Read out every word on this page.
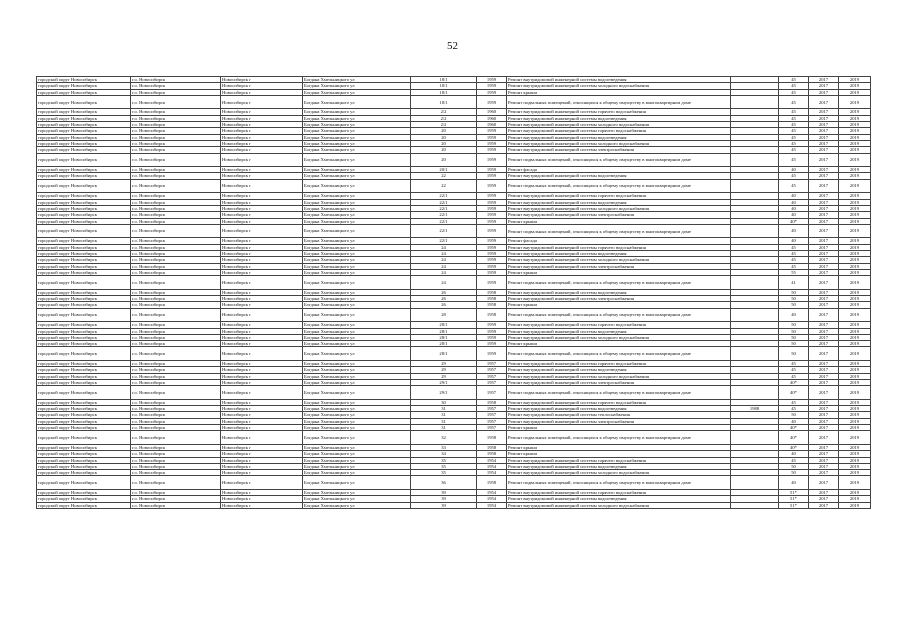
52
городской округ Новосибирск	г.о. Новосибирск	Новосибирск г	Богдана Хмельницкого ул	18/1	1959	Ремонт внутридомовой инженерной системы водоотведения		45	2017	2019
городской округ Новосибирск	г.о. Новосибирск	Новосибирск г	Богдана Хмельницкого ул	18/1	1959	Ремонт внутридомовой инженерной системы холодного водоснабжения		45	2017	2019
городской округ Новосибирск	г.о. Новосибирск	Новосибирск г	Богдана Хмельницкого ул	18/1	1959	Ремонт крыши		45	2017	2019
городской округ Новосибирск	г.о. Новосибирск	Новосибирск г	Богдана Хмельницкого ул	18/1	1959	Ремонт подвальных помещений, относящихся к общему имуществу в многоквартирном доме		45	2017	2019
городской округ Новосибирск	г.о. Новосибирск	Новосибирск г	Богдана Хмельницкого ул	2/2	1960	Ремонт внутридомовой инженерной системы горячего водоснабжения		45	2017	2019
городской округ Новосибирск	г.о. Новосибирск	Новосибирск г	Богдана Хмельницкого ул	2/2	1960	Ремонт внутридомовой инженерной системы водоотведения		45	2017	2019
городской округ Новосибирск	г.о. Новосибирск	Новосибирск г	Богдана Хмельницкого ул	2/2	1960	Ремонт внутридомовой инженерной системы холодного водоснабжения		45	2017	2019
городской округ Новосибирск	г.о. Новосибирск	Новосибирск г	Богдана Хмельницкого ул	20	1959	Ремонт внутридомовой инженерной системы горячего водоснабжения		45	2017	2019
городской округ Новосибирск	г.о. Новосибирск	Новосибирск г	Богдана Хмельницкого ул	20	1959	Ремонт внутридомовой инженерной системы водоотведения		45	2017	2019
городской округ Новосибирск	г.о. Новосибирск	Новосибирск г	Богдана Хмельницкого ул	20	1959	Ремонт внутридомовой инженерной системы холодного водоснабжения		45	2017	2019
городской округ Новосибирск	г.о. Новосибирск	Новосибирск г	Богдана Хмельницкого ул	20	1959	Ремонт внутридомовой инженерной системы электроснабжения		45	2017	2019
городской округ Новосибирск	г.о. Новосибирск	Новосибирск г	Богдана Хмельницкого ул	20	1959	Ремонт подвальных помещений, относящихся к общему имуществу в многоквартирном доме		45	2017	2019
городской округ Новосибирск	г.о. Новосибирск	Новосибирск г	Богдана Хмельницкого ул	20/1	1959	Ремонт фасада		40	2017	2019
городской округ Новосибирск	г.о. Новосибирск	Новосибирск г	Богдана Хмельницкого ул	22	1959	Ремонт внутридомовой инженерной системы водоотведения		45	2017	2019
городской округ Новосибирск	г.о. Новосибирск	Новосибирск г	Богдана Хмельницкого ул	22	1959	Ремонт подвальных помещений, относящихся к общему имуществу в многоквартирном доме		45	2017	2019
городской округ Новосибирск	г.о. Новосибирск	Новосибирск г	Богдана Хмельницкого ул	22/1	1959	Ремонт внутридомовой инженерной системы горячего водоснабжения		40	2017	2019
городской округ Новосибирск	г.о. Новосибирск	Новосибирск г	Богдана Хмельницкого ул	22/1	1959	Ремонт внутридомовой инженерной системы водоотведения		40	2017	2019
городской округ Новосибирск	г.о. Новосибирск	Новосибирск г	Богдана Хмельницкого ул	22/1	1959	Ремонт внутридомовой инженерной системы холодного водоснабжения		40	2017	2019
городской округ Новосибирск	г.о. Новосибирск	Новосибирск г	Богдана Хмельницкого ул	22/1	1959	Ремонт внутридомовой инженерной системы электроснабжения		40	2017	2019
городской округ Новосибирск	г.о. Новосибирск	Новосибирск г	Богдана Хмельницкого ул	22/1	1959	Ремонт крыши		40*	2017	2019
городской округ Новосибирск	г.о. Новосибирск	Новосибирск г	Богдана Хмельницкого ул	22/1	1959	Ремонт подвальных помещений, относящихся к общему имуществу в многоквартирном доме		40	2017	2019
городской округ Новосибирск	г.о. Новосибирск	Новосибирск г	Богдана Хмельницкого ул	22/1	1959	Ремонт фасада		40	2017	2019
городской округ Новосибирск	г.о. Новосибирск	Новосибирск г	Богдана Хмельницкого ул	24	1959	Ремонт внутридомовой инженерной системы горячего водоснабжения		45	2017	2019
городской округ Новосибирск	г.о. Новосибирск	Новосибирск г	Богдана Хмельницкого ул	24	1959	Ремонт внутридомовой инженерной системы водоотведения		45	2017	2019
городской округ Новосибирск	г.о. Новосибирск	Новосибирск г	Богдана Хмельницкого ул	24	1959	Ремонт внутридомовой инженерной системы холодного водоснабжения		45	2017	2019
городской округ Новосибирск	г.о. Новосибирск	Новосибирск г	Богдана Хмельницкого ул	24	1959	Ремонт внутридомовой инженерной системы электроснабжения		45	2017	2019
городской округ Новосибирск	г.о. Новосибирск	Новосибирск г	Богдана Хмельницкого ул	24	1959	Ремонт крыши		55	2017	2019
городской округ Новосибирск	г.о. Новосибирск	Новосибирск г	Богдана Хмельницкого ул	24	1959	Ремонт подвальных помещений, относящихся к общему имуществу в многоквартирном доме		41	2017	2019
городской округ Новосибирск	г.о. Новосибирск	Новосибирск г	Богдана Хмельницкого ул	26	1958	Ремонт внутридомовой инженерной системы водоотведения		50	2017	2019
городской округ Новосибирск	г.о. Новосибирск	Новосибирск г	Богдана Хмельницкого ул	26	1958	Ремонт внутридомовой инженерной системы электроснабжения		50	2017	2019
городской округ Новосибирск	г.о. Новосибирск	Новосибирск г	Богдана Хмельницкого ул	26	1958	Ремонт крыши		50	2017	2019
городской округ Новосибирск	г.о. Новосибирск	Новосибирск г	Богдана Хмельницкого ул	28	1958	Ремонт подвальных помещений, относящихся к общему имуществу в многоквартирном доме		40	2017	2019
городской округ Новосибирск	г.о. Новосибирск	Новосибирск г	Богдана Хмельницкого ул	28/1	1959	Ремонт внутридомовой инженерной системы горячего водоснабжения		50	2017	2019
городской округ Новосибирск	г.о. Новосибирск	Новосибирск г	Богдана Хмельницкого ул	28/1	1959	Ремонт внутридомовой инженерной системы водоотведения		50	2017	2019
городской округ Новосибирск	г.о. Новосибирск	Новосибирск г	Богдана Хмельницкого ул	28/1	1959	Ремонт внутридомовой инженерной системы холодного водоснабжения		50	2017	2019
городской округ Новосибирск	г.о. Новосибирск	Новосибирск г	Богдана Хмельницкого ул	28/1	1959	Ремонт крыши		50	2017	2019
городской округ Новосибирск	г.о. Новосибирск	Новосибирск г	Богдана Хмельницкого ул	28/1	1959	Ремонт подвальных помещений, относящихся к общему имуществу в многоквартирном доме		50	2017	2019
городской округ Новосибирск	г.о. Новосибирск	Новосибирск г	Богдана Хмельницкого ул	29	1957	Ремонт внутридомовой инженерной системы горячего водоснабжения		45	2017	2019
городской округ Новосибирск	г.о. Новосибирск	Новосибирск г	Богдана Хмельницкого ул	29	1957	Ремонт внутридомовой инженерной системы водоотведения		45	2017	2019
городской округ Новосибирск	г.о. Новосибирск	Новосибирск г	Богдана Хмельницкого ул	29	1957	Ремонт внутридомовой инженерной системы холодного водоснабжения		45	2017	2019
городской округ Новосибирск	г.о. Новосибирск	Новосибирск г	Богдана Хмельницкого ул	29/1	1957	Ремонт внутридомовой инженерной системы электроснабжения		40*	2017	2019
городской округ Новосибирск	г.о. Новосибирск	Новосибирск г	Богдана Хмельницкого ул	29/1	1957	Ремонт подвальных помещений, относящихся к общему имуществу в многоквартирном доме		40*	2017	2019
городской округ Новосибирск	г.о. Новосибирск	Новосибирск г	Богдана Хмельницкого ул	30	1958	Ремонт внутридомовой инженерной системы горячего водоснабжения		45	2017	2019
городской округ Новосибирск	г.о. Новосибирск	Новосибирск г	Богдана Хмельницкого ул	31	1957	Ремонт внутридомовой инженерной системы водоотведения	1988	45	2017	2019
городской округ Новосибирск	г.о. Новосибирск	Новосибирск г	Богдана Хмельницкого ул	31	1957	Ремонт внутридомовой инженерной системы теплоснабжения		50	2017	2019
городской округ Новосибирск	г.о. Новосибирск	Новосибирск г	Богдана Хмельницкого ул	31	1957	Ремонт внутридомовой инженерной системы электроснабжения		40	2017	2019
городской округ Новосибирск	г.о. Новосибирск	Новосибирск г	Богдана Хмельницкого ул	31	1957	Ремонт крыши		40*	2017	2019
городской округ Новосибирск	г.о. Новосибирск	Новосибирск г	Богдана Хмельницкого ул	32	1958	Ремонт подвальных помещений, относящихся к общему имуществу в многоквартирном доме		40*	2017	2019
городской округ Новосибирск	г.о. Новосибирск	Новосибирск г	Богдана Хмельницкого ул	33	1958	Ремонт крыши		40*	2017	2019
городской округ Новосибирск	г.о. Новосибирск	Новосибирск г	Богдана Хмельницкого ул	34	1958	Ремонт крыши		40	2017	2019
городской округ Новосибирск	г.о. Новосибирск	Новосибирск г	Богдана Хмельницкого ул	35	1954	Ремонт внутридомовой инженерной системы горячего водоснабжения		45	2017	2019
городской округ Новосибирск	г.о. Новосибирск	Новосибирск г	Богдана Хмельницкого ул	35	1954	Ремонт внутридомовой инженерной системы водоотведения		50	2017	2019
городской округ Новосибирск	г.о. Новосибирск	Новосибирск г	Богдана Хмельницкого ул	35	1954	Ремонт внутридомовой инженерной системы холодного водоснабжения		50	2017	2019
городской округ Новосибирск	г.о. Новосибирск	Новосибирск г	Богдана Хмельницкого ул	36	1958	Ремонт подвальных помещений, относящихся к общему имуществу в многоквартирном доме		40	2017	2019
городской округ Новосибирск	г.о. Новосибирск	Новосибирск г	Богдана Хмельницкого ул	39	1954	Ремонт внутридомовой инженерной системы горячего водоснабжения		51*	2017	2019
городской округ Новосибирск	г.о. Новосибирск	Новосибирск г	Богдана Хмельницкого ул	39	1954	Ремонт внутридомовой инженерной системы водоотведения		51*	2017	2019
городской округ Новосибирск	г.о. Новосибирск	Новосибирск г	Богдана Хмельницкого ул	39	1954	Ремонт внутридомовой инженерной системы холодного водоснабжения		51*	2017	2019
